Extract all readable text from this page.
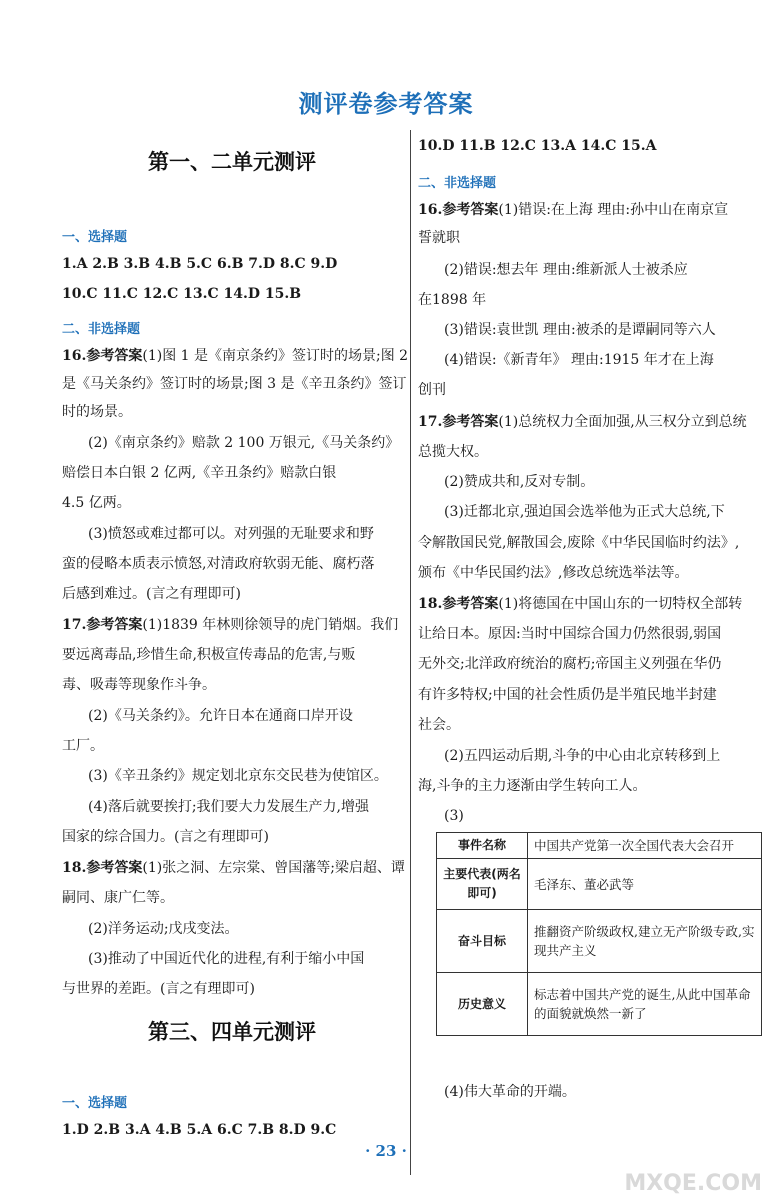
测评卷参考答案
第一、二单元测评
一、选择题
1.A 2.B 3.B 4.B 5.C 6.B 7.D 8.C 9.D
10.C 11.C 12.C 13.C 14.D 15.B
二、非选择题
16.参考答案(1)图 1 是《南京条约》签订时的场景;图 2
是《马关条约》签订时的场景;图 3 是《辛丑条约》签订
时的场景。
(2)《南京条约》赔款 2 100 万银元,《马关条约》
赔偿日本白银 2 亿两,《辛丑条约》赔款白银
4.5 亿两。
(3)愤怒或难过都可以。对列强的无耻要求和野
蛮的侵略本质表示愤怒,对清政府软弱无能、腐朽落
后感到难过。(言之有理即可)
17.参考答案(1)1839 年林则徐领导的虎门销烟。我们
要远离毒品,珍惜生命,积极宣传毒品的危害,与贩
毒、吸毒等现象作斗争。
(2)《马关条约》。允许日本在通商口岸开设
工厂。
(3)《辛丑条约》规定划北京东交民巷为使馆区。
(4)落后就要挨打;我们要大力发展生产力,增强
国家的综合国力。(言之有理即可)
18.参考答案(1)张之洞、左宗棠、曾国藩等;梁启超、谭
嗣同、康广仁等。
(2)洋务运动;戊戌变法。
(3)推动了中国近代化的进程,有利于缩小中国
与世界的差距。(言之有理即可)
第三、四单元测评
一、选择题
1.D 2.B 3.A 4.B 5.A 6.C 7.B 8.D 9.C
10.D 11.B 12.C 13.A 14.C 15.A
二、非选择题
16.参考答案(1)错误:在上海 理由:孙中山在南京宣
誓就职
(2)错误:想去年 理由:维新派人士被杀应
在1898 年
(3)错误:袁世凯 理由:被杀的是谭嗣同等六人
(4)错误:《新青年》 理由:1915 年才在上海
创刊
17.参考答案(1)总统权力全面加强,从三权分立到总统
总揽大权。
(2)赞成共和,反对专制。
(3)迁都北京,强迫国会选举他为正式大总统,下
令解散国民党,解散国会,废除《中华民国临时约法》,
颁布《中华民国约法》,修改总统选举法等。
18.参考答案(1)将德国在中国山东的一切特权全部转
让给日本。原因:当时中国综合国力仍然很弱,弱国
无外交;北洋政府统治的腐朽;帝国主义列强在华仍
有许多特权;中国的社会性质仍是半殖民地半封建
社会。
(2)五四运动后期,斗争的中心由北京转移到上
海,斗争的主力逐渐由学生转向工人。
(3)
事件名称	中国共产党第一次全国代表大会召开
主要代表(两名即可)	毛泽东、董必武等
奋斗目标	推翻资产阶级政权,建立无产阶级专政,实现共产主义
历史意义	标志着中国共产党的诞生,从此中国革命的面貌就焕然一新了
(4)伟大革命的开端。
· 23 ·
MXQE.COM
